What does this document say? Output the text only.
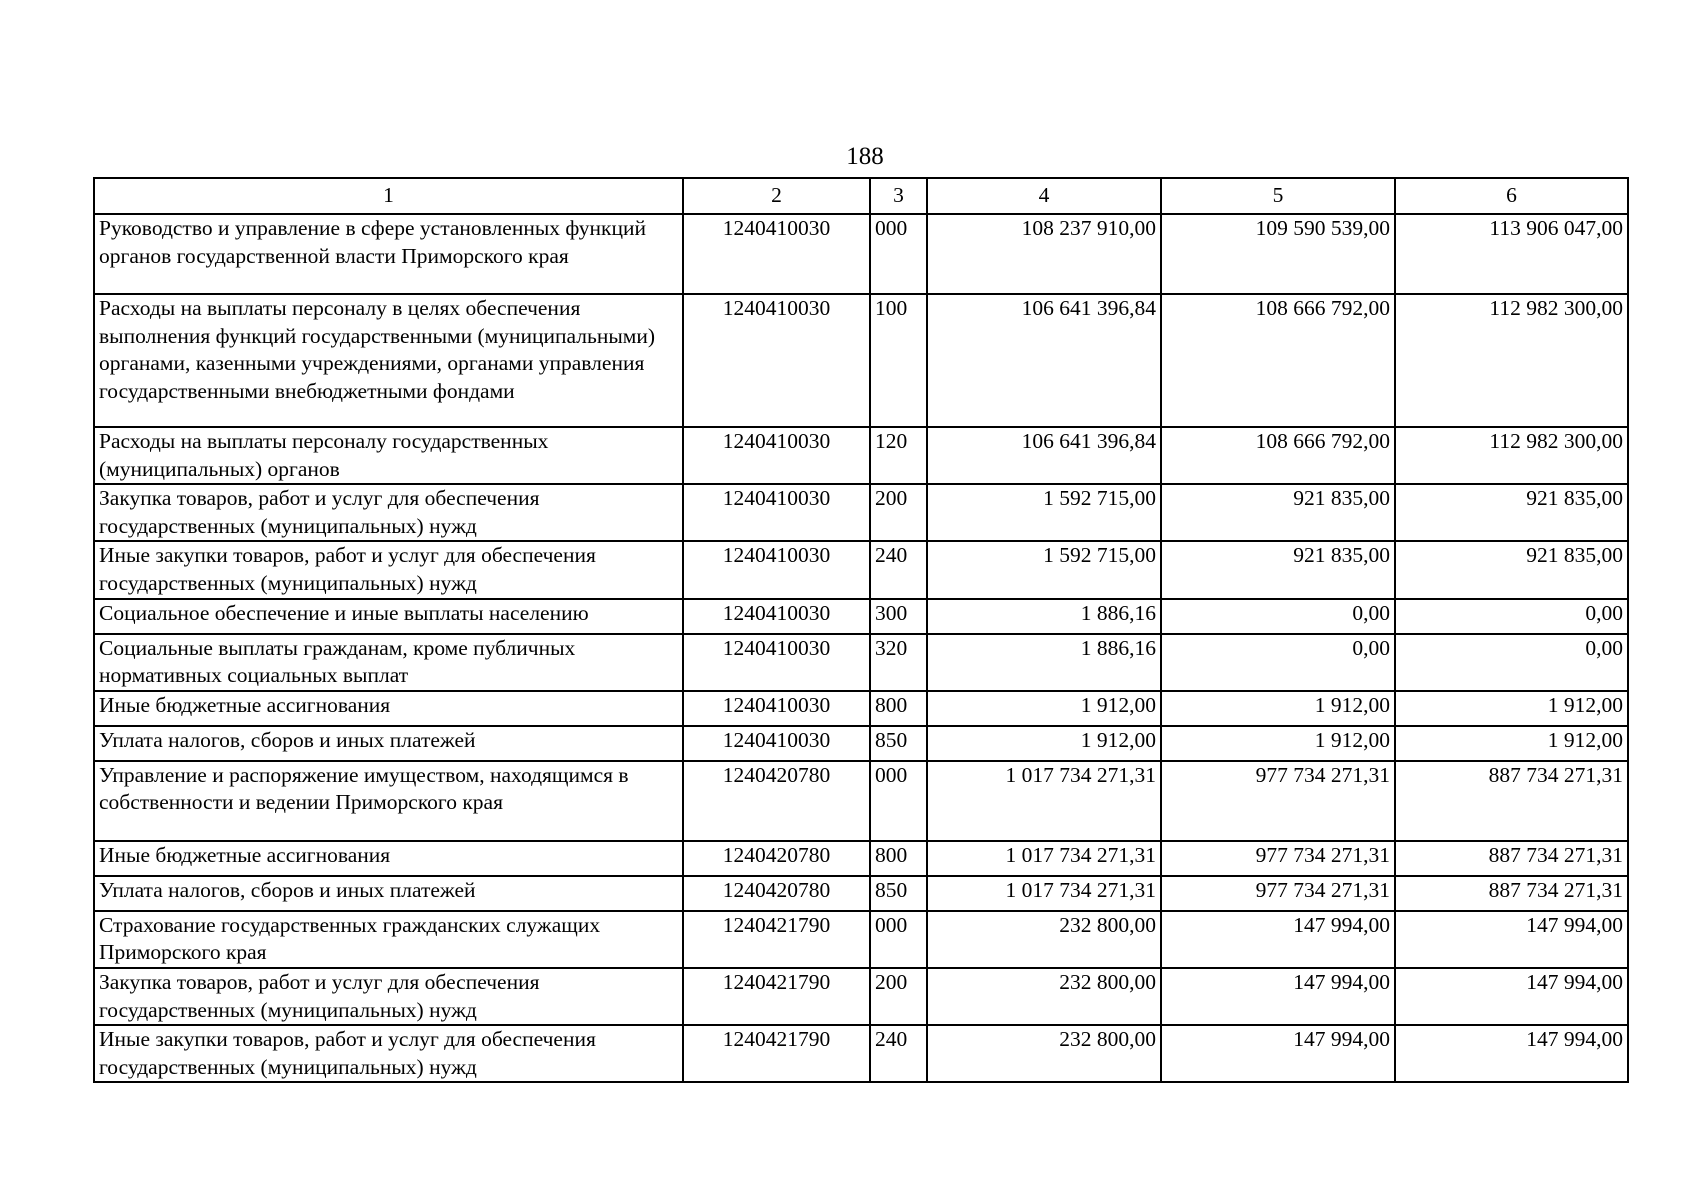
188
1	2	3	4	5	6
Руководство и управление в сфере установленных функций органов государственной власти Приморского края	1240410030	000	108 237 910,00	109 590 539,00	113 906 047,00
Расходы на выплаты персоналу в целях обеспечения выполнения функций государственными (муниципальными) органами, казенными учреждениями, органами управления государственными внебюджетными фондами	1240410030	100	106 641 396,84	108 666 792,00	112 982 300,00
Расходы на выплаты персоналу государственных (муниципальных) органов	1240410030	120	106 641 396,84	108 666 792,00	112 982 300,00
Закупка товаров, работ и услуг для обеспечения государственных (муниципальных) нужд	1240410030	200	1 592 715,00	921 835,00	921 835,00
Иные закупки товаров, работ и услуг для обеспечения государственных (муниципальных) нужд	1240410030	240	1 592 715,00	921 835,00	921 835,00
Социальное обеспечение и иные выплаты населению	1240410030	300	1 886,16	0,00	0,00
Социальные выплаты гражданам, кроме публичных нормативных социальных выплат	1240410030	320	1 886,16	0,00	0,00
Иные бюджетные ассигнования	1240410030	800	1 912,00	1 912,00	1 912,00
Уплата налогов, сборов и иных платежей	1240410030	850	1 912,00	1 912,00	1 912,00
Управление и распоряжение имуществом, находящимся в собственности и ведении Приморского края	1240420780	000	1 017 734 271,31	977 734 271,31	887 734 271,31
Иные бюджетные ассигнования	1240420780	800	1 017 734 271,31	977 734 271,31	887 734 271,31
Уплата налогов, сборов и иных платежей	1240420780	850	1 017 734 271,31	977 734 271,31	887 734 271,31
Страхование государственных гражданских служащих Приморского края	1240421790	000	232 800,00	147 994,00	147 994,00
Закупка товаров, работ и услуг для обеспечения государственных (муниципальных) нужд	1240421790	200	232 800,00	147 994,00	147 994,00
Иные закупки товаров, работ и услуг для обеспечения государственных (муниципальных) нужд	1240421790	240	232 800,00	147 994,00	147 994,00
